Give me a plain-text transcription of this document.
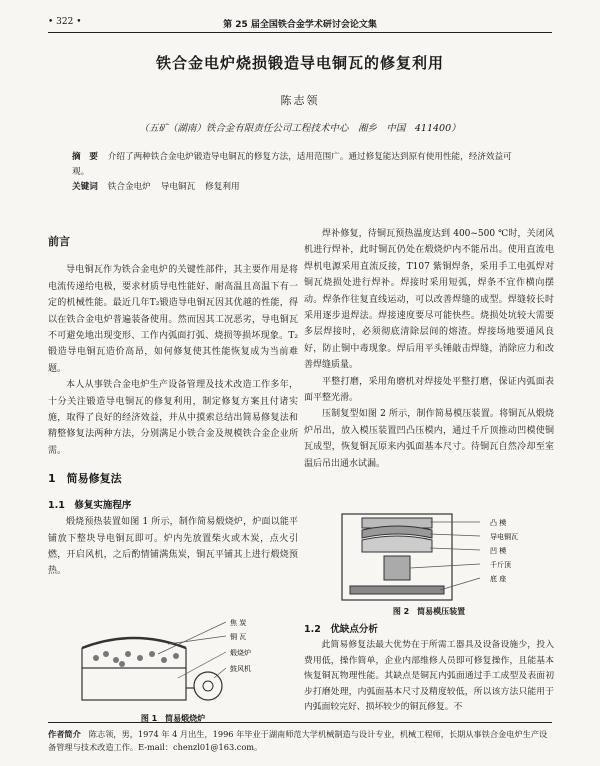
• 322 •	第 25 届全国铁合金学术研讨会论文集
铁合金电炉烧损锻造导电铜瓦的修复利用
陈志领
（五矿（湖南）铁合金有限责任公司工程技术中心　湘乡　中国　411400）
摘　要 介绍了两种铁合金电炉锻造导电铜瓦的修复方法，适用范围广。通过修复能达到原有使用性能，经济效益可观。
关键词 铁合金电炉 导电铜瓦 修复利用

前言

导电铜瓦作为铁合金电炉的关键性部件，其主要作用是将电流传递给电极，要求材质导电性能好、耐高温且高温下有一定的机械性能。最近几年T₂锻造导电铜瓦因其优越的性能，得以在铁合金电炉普遍装备使用。然而因其工况恶劣，导电铜瓦不可避免地出现变形、工作内弧面打弧、烧损等损坏现象。T₂锻造导电铜瓦造价高昂，如何修复使其性能恢复成为当前难题。

本人从事铁合金电炉生产设备管理及技术改造工作多年，十分关注锻造导电铜瓦的修复利用，制定修复方案且付诸实施，取得了良好的经济效益，并从中摸索总结出简易修复法和精整修复法两种方法，分别满足小铁合金及规模铁合金企业所需。

1　简易修复法

1.1　修复实施程序

煅烧预热装置如图 1 所示，制作简易煅烧炉，炉面以能平铺放下整块导电铜瓦即可。炉内先放置柴火或木炭，点火引燃，开启风机，之后酌情铺满焦炭，铜瓦平铺其上进行煅烧预热。

焦 炭
铜 瓦
煅烧炉
鼓风机
图 1　简易煅烧炉

焊补修复，待铜瓦预热温度达到 400~500 ℃时，关闭风机进行焊补，此时铜瓦仍处在煅烧炉内不能吊出。使用直流电焊机电源采用直流反接，T107 紫铜焊条，采用手工电弧焊对铜瓦烧损处进行焊补。焊接时采用短弧，焊条不宜作横向摆动。焊条作往复直线运动，可以改善焊缝的成型。焊缝较长时采用逐步退焊法。焊接速度要尽可能快些。烧损处坑较大需要多层焊接时，必须彻底清除层间的熔渣。焊接场地要通风良好，防止铜中毒现象。焊后用平头锤敲击焊缝，消除应力和改善焊缝质量。

平整打磨，采用角磨机对焊接处平整打磨，保证内弧面表面平整光滑。

压制复型如图 2 所示，制作简易模压装置。将铜瓦从煅烧炉吊出，放入模压装置凹凸压模内，通过千斤顶推动凹模使铜瓦成型，恢复铜瓦原来内弧面基本尺寸。待铜瓦自然冷却至室温后吊出通水试漏。

凸 模
导电铜瓦
凹 模
千斤顶
底 座
图 2　简易模压装置

1.2　优缺点分析

此简易修复法最大优势在于所需工器具及设备设施少，投入费用低，操作简单，企业内部维修人员即可修复操作，且能基本恢复铜瓦物理性能。其缺点是铜瓦内弧面通过手工成型及表面初步打磨处理，内弧面基本尺寸及精度较低，所以该方法只能用于内弧面较完好、损坏较少的铜瓦修复。不

作者简介 陈志领，男，1974 年 4 月出生，1996 年毕业于湖南师范大学机械制造与设计专业，机械工程师，长期从事铁合金电炉生产设备管理与技术改造工作。E-mail：chenzl01@163.com。
